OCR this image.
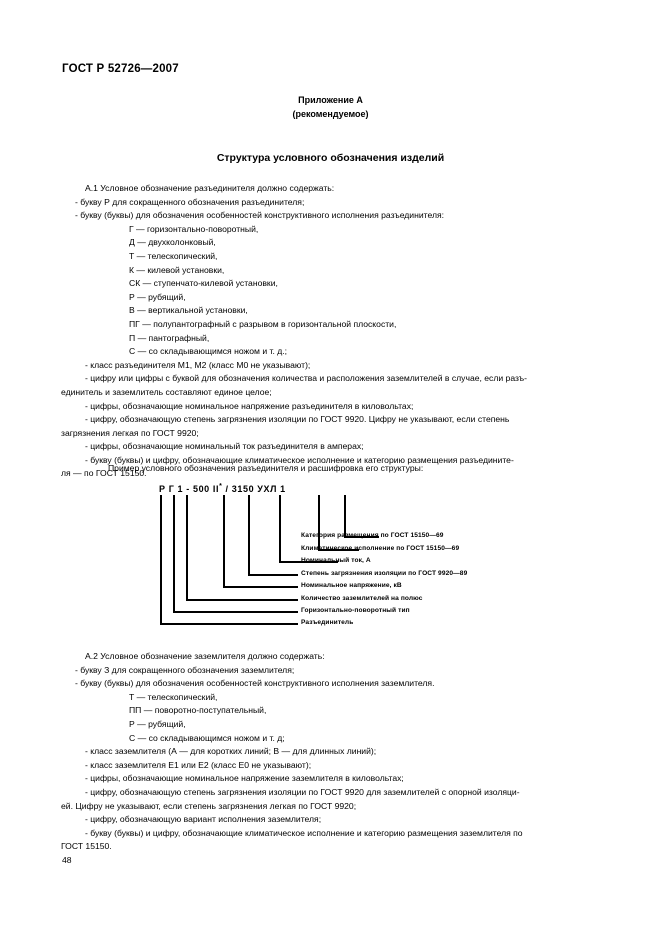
ГОСТ Р 52726—2007
Приложение А
(рекомендуемое)
Структура условного обозначения изделий

А.1 Условное обозначение разъединителя должно содержать:

- букву Р для сокращенного обозначения разъединителя;

- букву (буквы) для обозначения особенностей конструктивного исполнения разъединителя:

Г — горизонтально-поворотный,

Д — двухколонковый,

Т — телескопический,

К — килевой установки,

СК — ступенчато-килевой установки,

Р — рубящий,

В — вертикальной установки,

ПГ — полупантографный с разрывом в горизонтальной плоскости,

П — пантографный,

С — со складывающимся ножом и т. д.;

- класс разъединителя М1, М2 (класс М0 не указывают);

- цифру или цифры с буквой для обозначения количества и расположения заземлителей в случае, если разъ-

единитель и заземлитель составляют единое целое;

- цифры, обозначающие номинальное напряжение разъединителя в киловольтах;

- цифру, обозначающую степень загрязнения изоляции по ГОСТ 9920. Цифру не указывают, если степень

загрязнения легкая по ГОСТ 9920;

- цифры, обозначающие номинальный ток разъединителя в амперах;

- букву (буквы) и цифру, обозначающие климатическое исполнение и категорию размещения разъедините-

ля — по ГОСТ 15150.

Пример условного обозначения разъединителя и расшифровка его структуры:
Р Г 1 - 500 II* / 3150 УХЛ 1
Категория размещения по ГОСТ 15150—69
Климатическое исполнение по ГОСТ 15150—69
Номинальный ток, А
Степень загрязнения изоляции по ГОСТ 9920—89
Номинальное напряжение, кВ
Количество заземлителей на полюс
Горизонтально-поворотный тип
Разъединитель

А.2 Условное обозначение заземлителя должно содержать:

- букву З для сокращенного обозначения заземлителя;

- букву (буквы) для обозначения особенностей конструктивного исполнения заземлителя.

Т — телескопический,

ПП — поворотно-поступательный,

Р — рубящий,

С — со складывающимся ножом и т. д;

- класс заземлителя (А — для коротких линий; В — для длинных линий);

- класс заземлителя Е1 или Е2 (класс Е0 не указывают);

- цифры, обозначающие номинальное напряжение заземлителя в киловольтах;

- цифру, обозначающую степень загрязнения изоляции по ГОСТ 9920 для заземлителей с опорной изоляци-

ей. Цифру не указывают, если степень загрязнения легкая по ГОСТ 9920;

- цифру, обозначающую вариант исполнения заземлителя;

- букву (буквы) и цифру, обозначающие климатическое исполнение и категорию размещения заземлителя по

ГОСТ 15150.

48
